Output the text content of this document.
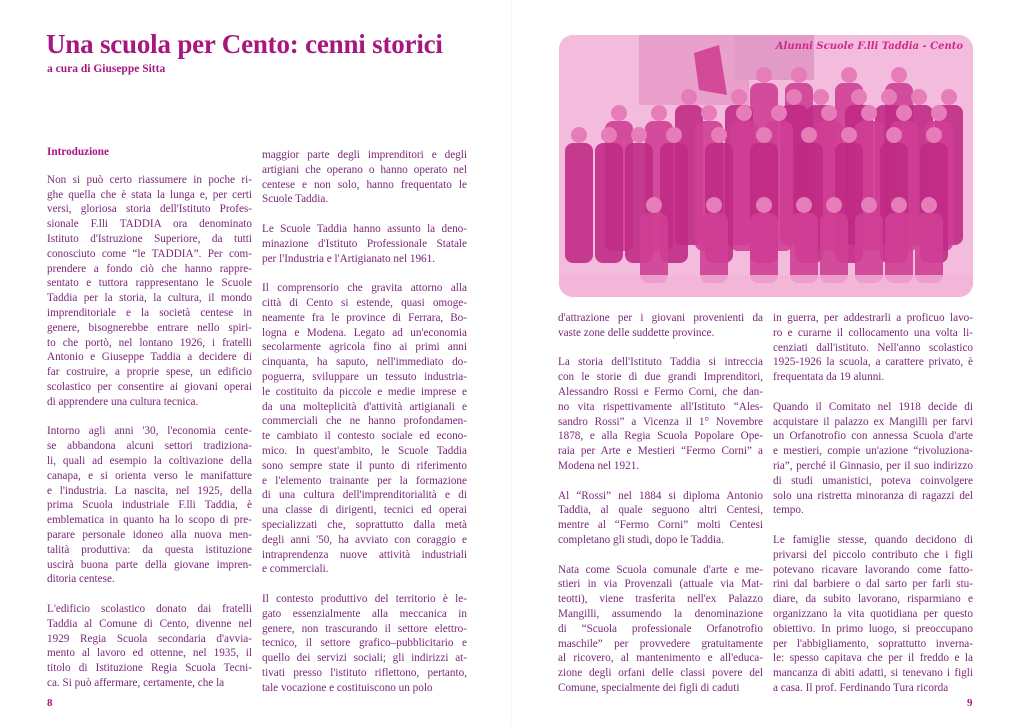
Una scuola per Cento: cenni storici
a cura di Giuseppe Sitta
Introduzione
Non si può certo riassumere in poche ri-
ghe quella che è stata la lunga e, per certi
versi, gloriosa storia dell'Istituto Profes-
sionale F.lli TADDIA ora denominato
Istituto d'Istruzione Superiore, da tutti
conosciuto come “le TADDIA”. Per com-
prendere a fondo ciò che hanno rappre-
sentato e tuttora rappresentano le Scuole
Taddia per la storia, la cultura, il mondo
imprenditoriale e la società centese in
genere, bisognerebbe entrare nello spiri-
to che portò, nel lontano 1926, i fratelli
Antonio e Giuseppe Taddia a decidere di
far costruire, a proprie spese, un edificio
scolastico per consentire ai giovani operai
di apprendere una cultura tecnica.
Intorno agli anni '30, l'economia cente-
se abbandona alcuni settori tradiziona-
li, quali ad esempio la coltivazione della
canapa, e si orienta verso le manifatture
e l'industria. La nascita, nel 1925, della
prima Scuola industriale F.lli Taddia, è
emblematica in quanto ha lo scopo di pre-
parare personale idoneo alla nuova men-
talità produttiva: da questa istituzione
uscirà buona parte della giovane impren-
ditoria centese.
L'edificio scolastico donato dai fratelli
Taddia al Comune di Cento, divenne nel
1929 Regia Scuola secondaria d'avvia-
mento al lavoro ed ottenne, nel 1935, il
titolo di Istituzione Regia Scuola Tecni-
ca. Si può affermare, certamente, che la
maggior parte degli imprenditori e degli
artigiani che operano o hanno operato nel
centese e non solo, hanno frequentato le
Scuole Taddia.
Le Scuole Taddia hanno assunto la deno-
minazione d'Istituto Professionale Statale
per l'Industria e l'Artigianato nel 1961.
Il comprensorio che gravita attorno alla
città di Cento si estende, quasi omoge-
neamente fra le province di Ferrara, Bo-
logna e Modena. Legato ad un'economia
secolarmente agricola fino ai primi anni
cinquanta, ha saputo, nell'immediato do-
poguerra, sviluppare un tessuto industria-
le costituito da piccole e medie imprese e
da una molteplicità d'attività artigianali e
commerciali che ne hanno profondamen-
te cambiato il contesto sociale ed econo-
mico. In quest'ambito, le Scuole Taddia
sono sempre state il punto di riferimento
e l'elemento trainante per la formazione
di una cultura dell'imprenditorialità e di
una classe di dirigenti, tecnici ed operai
specializzati che, soprattutto dalla metà
degli anni '50, ha avviato con coraggio e
intraprendenza nuove attività industriali
e commerciali.
Il contesto produttivo del territorio è le-
gato essenzialmente alla meccanica in
genere, non trascurando il settore elettro-
tecnico, il settore grafico–pubblicitario e
quello dei servizi sociali; gli indirizzi at-
tivati presso l'istituto riflettono, pertanto,
tale vocazione e costituiscono un polo
d'attrazione per i giovani provenienti da
vaste zone delle suddette province.
La storia dell'Istituto Taddia si intreccia
con le storie di due grandi Imprenditori,
Alessandro Rossi e Fermo Corni, che dan-
no vita rispettivamente all'Istituto “Ales-
sandro Rossi” a Vicenza il 1° Novembre
1878, e alla Regia Scuola Popolare Ope-
raia per Arte e Mestieri “Fermo Corni” a
Modena nel 1921.
Al “Rossi” nel 1884 si diploma Antonio
Taddia, al quale seguono altri Centesi,
mentre al “Fermo Corni” molti Centesi
completano gli studi, dopo le Taddia.
Nata come Scuola comunale d'arte e me-
stieri in via Provenzali (attuale via Mat-
teotti), viene trasferita nell'ex Palazzo
Mangilli, assumendo la denominazione
di “Scuola professionale Orfanotrofio
maschile” per provvedere gratuitamente
al ricovero, al mantenimento e all'educa-
zione degli orfani delle classi povere del
Comune, specialmente dei figli di caduti
in guerra, per addestrarli a proficuo lavo-
ro e curarne il collocamento una volta li-
cenziati dall'istituto. Nell'anno scolastico
1925-1926 la scuola, a carattere privato, è
frequentata da 19 alunni.
Quando il Comitato nel 1918 decide di
acquistare il palazzo ex Mangilli per farvi
un Orfanotrofio con annessa Scuola d'arte
e mestieri, compie un'azione “rivoluziona-
ria”, perché il Ginnasio, per il suo indirizzo
di studi umanistici, poteva coinvolgere
solo una ristretta minoranza di ragazzi del
tempo.
Le famiglie stesse, quando decidono di
privarsi del piccolo contributo che i figli
potevano ricavare lavorando come fatto-
rini dal barbiere o dal sarto per farli stu-
diare, da subito lavorano, risparmiano e
organizzano la vita quotidiana per questo
obiettivo. In primo luogo, si preoccupano
per l'abbigliamento, soprattutto inverna-
le: spesso capitava che per il freddo e la
mancanza di abiti adatti, si tenevano i figli
a casa. Il prof. Ferdinando Tura ricorda
Alunni Scuole F.lli Taddia - Cento
8	9
